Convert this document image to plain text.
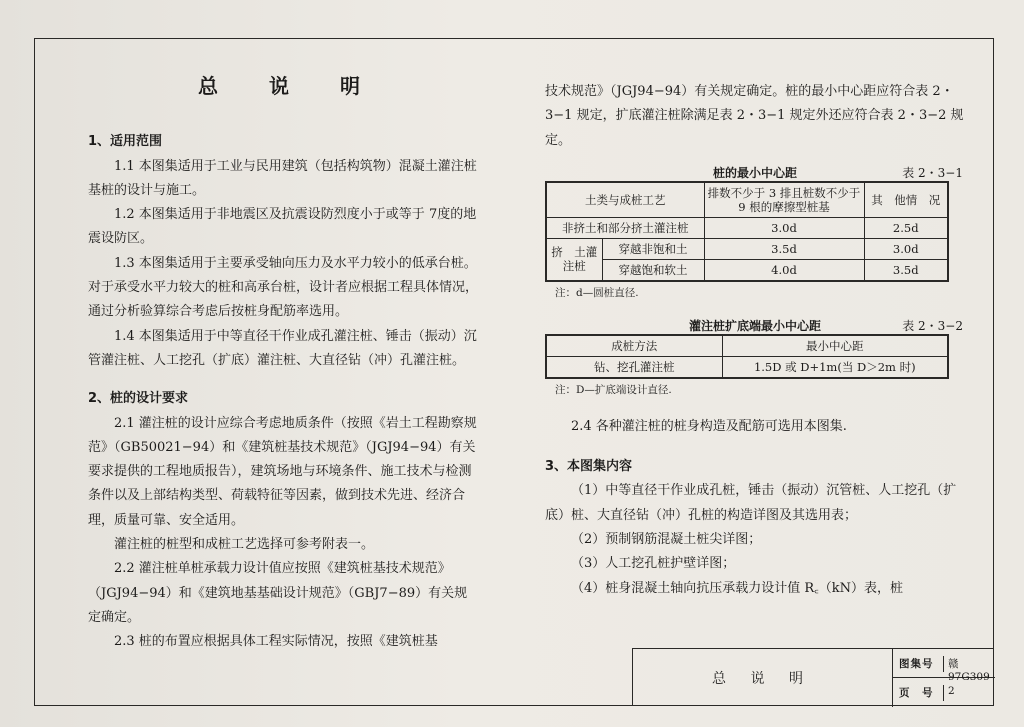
总 说 明
1、适用范围
1.1 本图集适用于工业与民用建筑（包括构筑物）混凝土灌注桩基桩的设计与施工。
1.2 本图集适用于非地震区及抗震设防烈度小于或等于 7度的地震设防区。
1.3 本图集适用于主要承受轴向压力及水平力较小的低承台桩。对于承受水平力较大的桩和高承台桩，设计者应根据工程具体情况，通过分析验算综合考虑后按桩身配筋率选用。
1.4 本图集适用于中等直径干作业成孔灌注桩、锤击（振动）沉管灌注桩、人工挖孔（扩底）灌注桩、大直径钻（冲）孔灌注桩。
2、桩的设计要求
2.1 灌注桩的设计应综合考虑地质条件（按照《岩土工程勘察规范》（GB50021−94）和《建筑桩基技术规范》（JGJ94−94）有关要求提供的工程地质报告），建筑场地与环境条件、施工技术与检测条件以及上部结构类型、荷载特征等因素，做到技术先进、经济合理，质量可靠、安全适用。
灌注桩的桩型和成桩工艺选择可参考附表一。
2.2 灌注桩单桩承载力设计值应按照《建筑桩基技术规范》（JGJ94−94）和《建筑地基基础设计规范》（GBJ7−89）有关规定确定。
2.3 桩的布置应根据具体工程实际情况，按照《建筑桩基
技术规范》（JGJ94−94）有关规定确定。桩的最小中心距应符合表 2・3−1 规定，扩底灌注桩除满足表 2・3−1 规定外还应符合表 2・3−2 规定。
桩的最小中心距	表 2・3−1
土类与成桩工艺		排数不少于 3 排且桩数不少于 9 根的摩擦型桩基	其　他情　况
非挤土和部分挤土灌注桩		3.0d	2.5d
挤　土灌注桩	穿越非饱和土	3.5d	3.0d
	穿越饱和软土	4.0d	3.5d
注：d—圆桩直径.
灌注桩扩底端最小中心距	表 2・3−2
成桩方法	最小中心距
钻、挖孔灌注桩	1.5D 或 D+1m(当 D＞2m 时)
注：D—扩底端设计直径.
2.4 各种灌注桩的桩身构造及配筋可选用本图集.
3、本图集内容
（1）中等直径干作业成孔桩，锤击（振动）沉管桩、人工挖孔（扩底）桩、大直径钻（冲）孔桩的构造详图及其选用表；
（2）预制钢筋混凝土桩尖详图；
（3）人工挖孔桩护壁详图；
（4）桩身混凝土轴向抗压承载力设计值 R꜀（kN）表，桩
总 说 明
图集号	赣 97G309
页　号	2
